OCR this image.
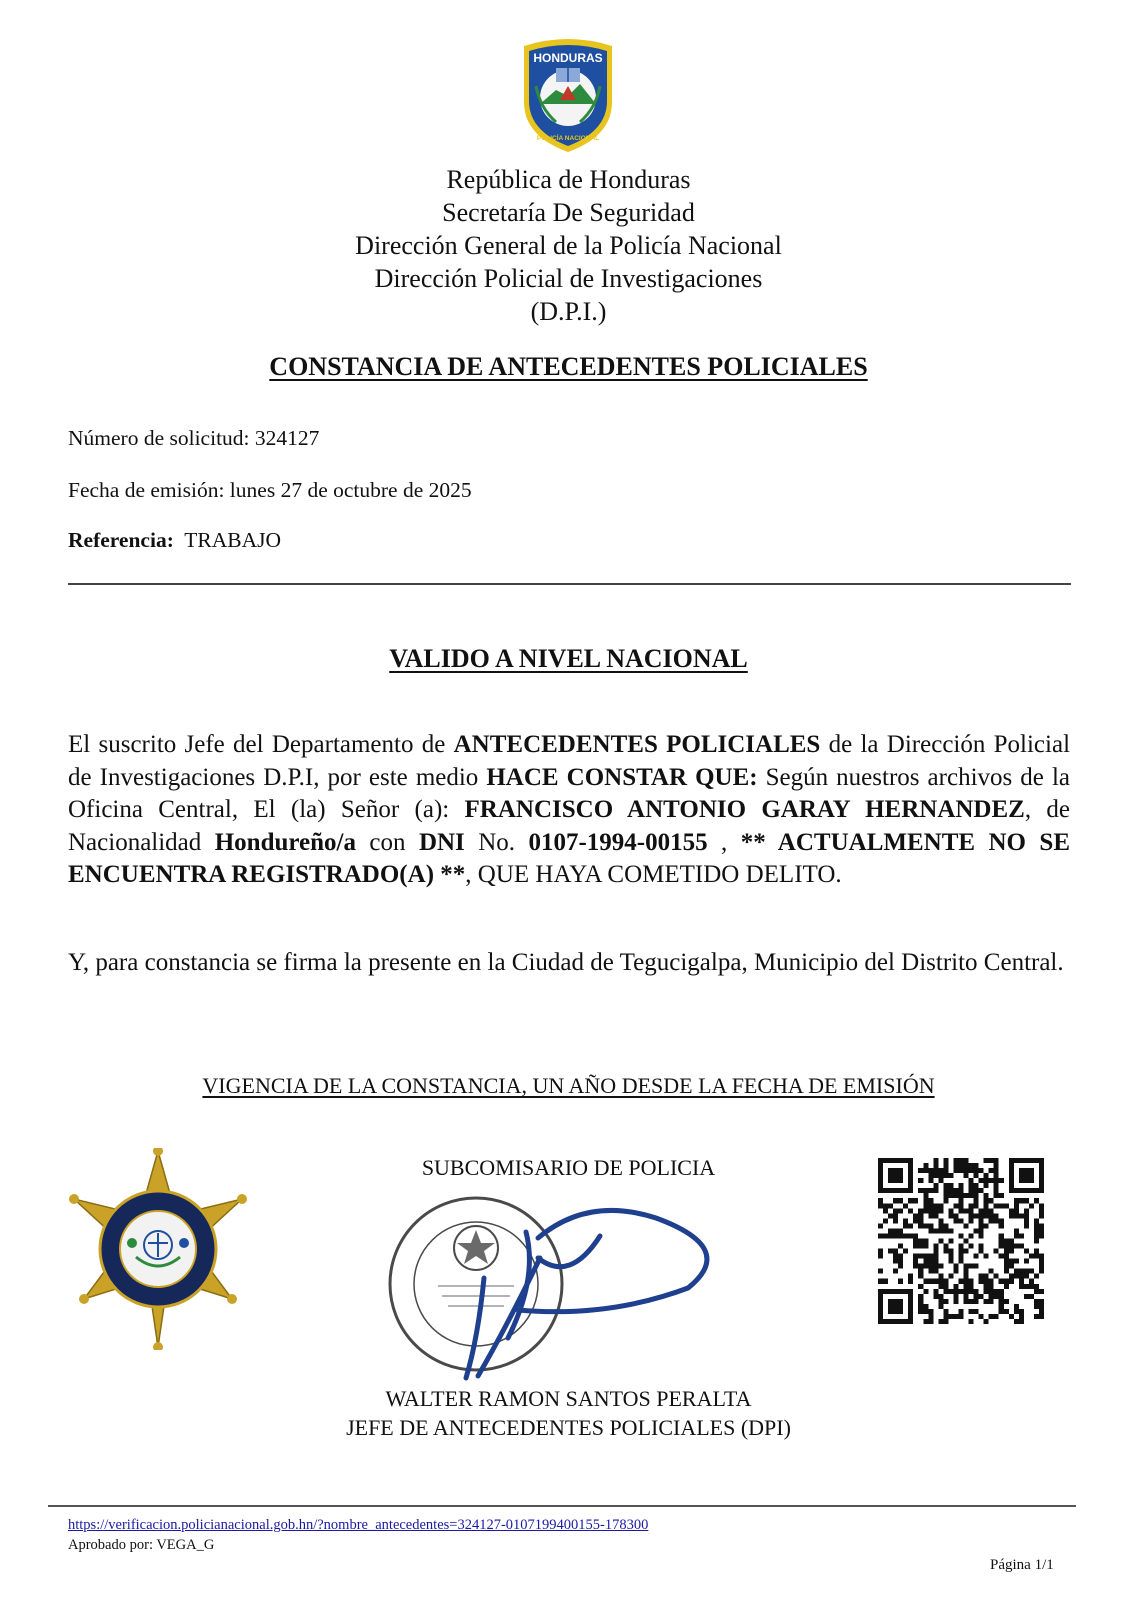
HONDURAS
POLICÍA NACIONAL
República de Honduras
Secretaría De Seguridad
Dirección General de la Policía Nacional
Dirección Policial de Investigaciones
(D.P.I.)
CONSTANCIA DE ANTECEDENTES POLICIALES
Número de solicitud: 324127
Fecha de emisión: lunes 27 de octubre de 2025
Referencia: TRABAJO
VALIDO A NIVEL NACIONAL
El suscrito Jefe del Departamento de ANTECEDENTES POLICIALES de la Dirección Policial de Investigaciones D.P.I, por este medio HACE CONSTAR QUE: Según nuestros archivos de la Oficina Central, El (la) Señor (a): FRANCISCO ANTONIO GARAY HERNANDEZ, de Nacionalidad Hondureño/a con DNI No. 0107-1994-00155 , ** ACTUALMENTE NO SE ENCUENTRA REGISTRADO(A) **, QUE HAYA COMETIDO DELITO.
Y, para constancia se firma la presente en la Ciudad de Tegucigalpa, Municipio del Distrito Central.
VIGENCIA DE LA CONSTANCIA, UN AÑO DESDE LA FECHA DE EMISIÓN
SUBCOMISARIO DE POLICIA
WALTER RAMON SANTOS PERALTA
JEFE DE ANTECEDENTES POLICIALES (DPI)
https://verificacion.policianacional.gob.hn/?nombre_antecedentes=324127-0107199400155-178300
Aprobado por: VEGA_G
Página 1/1
